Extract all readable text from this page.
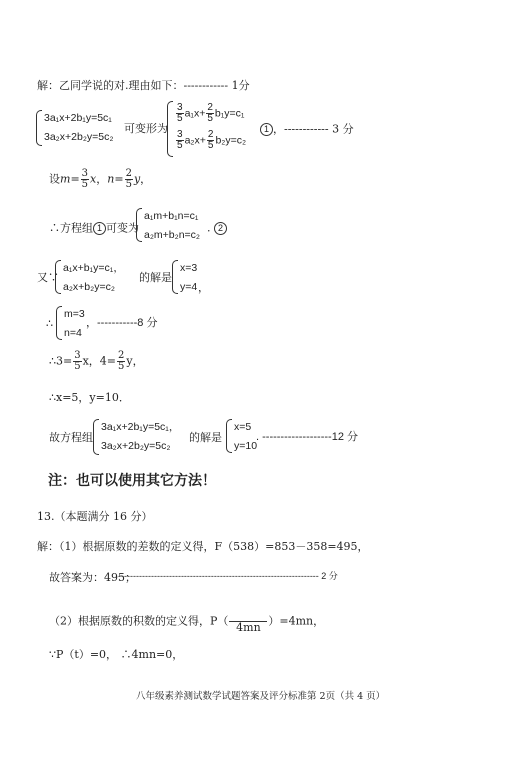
解：乙同学说的对.理由如下：------------ 1分
3a₁x+2b₁y=5c₁
3a₂x+2b₂y=5c₂
可变形为
$\frac{3}{5} a_1x+ \frac{2}{5} b_1y=c_1$
$\frac{3}{5} a_2x+ \frac{2}{5} b_2y=c_2$
1 ，------------ 3 分
设$m= \frac{3}{5}$ x，$n= \frac{2}{5}$ y，
∴方程组 1 可变为
a₁m+b₁n=c₁
a₂m+b₂n=c₂
. 2
又∵
a₁x+b₁y=c₁，
a₂x+b₂y=c₂
的解是
x=3
y=4 ，
∴
m=3
n=4
，-----------8 分
∴3= $\frac{3}{5}$ x，$4= \frac{2}{5}$ y，
∴x=5，y=10．
故方程组
3a₁x+2b₁y=5c₁，
3a₂x+2b₂y=5c₂
的解是
x=5
y=10
. -------------------12 分
注：也可以使用其它方法！
13.（本题满分 16 分）
解：（1）根据原数的差数的定义得，F（538）=853－358=495，
故答案为：495；
------------------------------------------------------------------- 2 分
（2）根据原数的积数的定义得，P（
4mn ）=4mn，
∵P（t）=0， ∴4mn=0，
八年级素养测试数学试题答案及评分标准第 2页（共 4 页）
